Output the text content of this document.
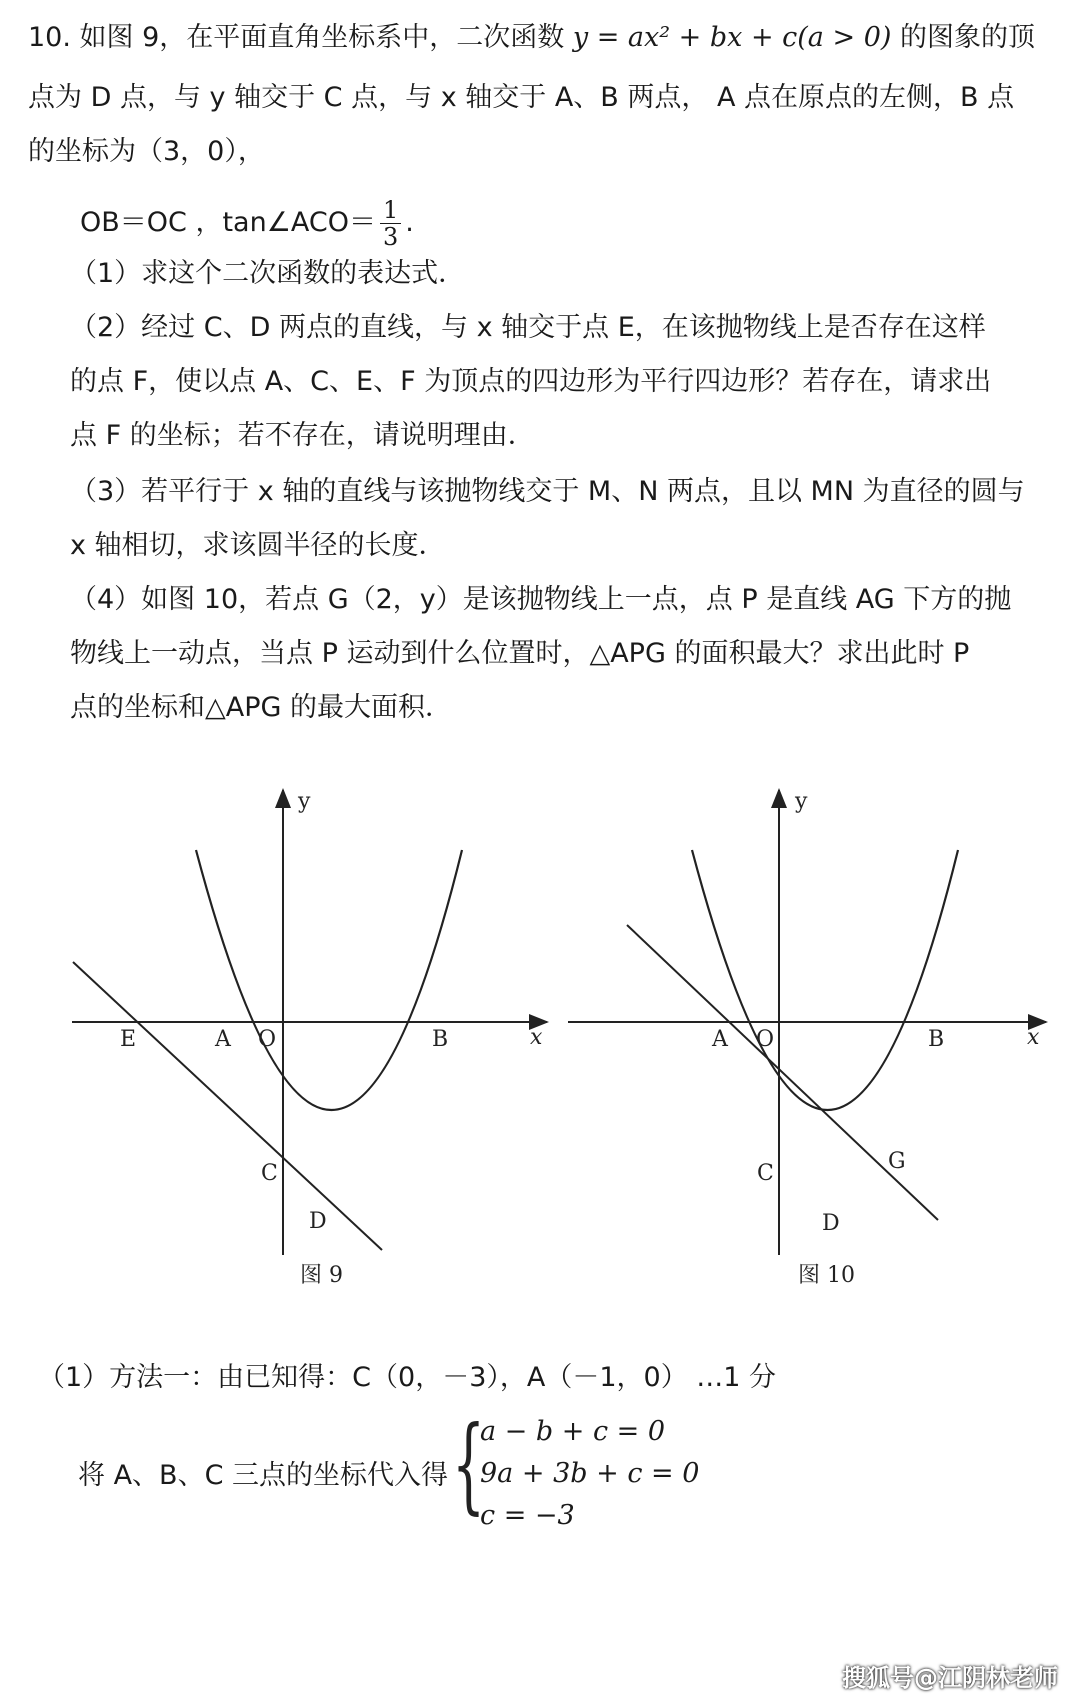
10. 如图 9，在平面直角坐标系中，二次函数 y = ax² + bx + c(a > 0) 的图象的顶
点为 D 点，与 y 轴交于 C 点，与 x 轴交于 A、B 两点， A 点在原点的左侧，B 点
的坐标为（3，0），
OB＝OC ，tan∠ACO＝ $\frac{1}{3}$ .
（1）求这个二次函数的表达式．
（2）经过 C、D 两点的直线，与 x 轴交于点 E，在该抛物线上是否存在这样
的点 F，使以点 A、C、E、F 为顶点的四边形为平行四边形？若存在，请求出
点 F 的坐标；若不存在，请说明理由．
（3）若平行于 x 轴的直线与该抛物线交于 M、N 两点，且以 MN 为直径的圆与
x 轴相切，求该圆半径的长度．
（4）如图 10，若点 G（2，y）是该抛物线上一点，点 P 是直线 AG 下方的抛
物线上一动点，当点 P 运动到什么位置时，△APG 的面积最大？求出此时 P
点的坐标和△APG 的最大面积．
y
x
E	A O	B
C
D
图 9
y
x
A O	B
C	G
D
图 10
（1）方法一：由已知得：C（0，－3），A（－1，0） …1 分
将 A、B、C 三点的坐标代入得 {
a − b + c = 0
9a + 3b + c = 0
c = −3
搜狐号@江阴林老师
